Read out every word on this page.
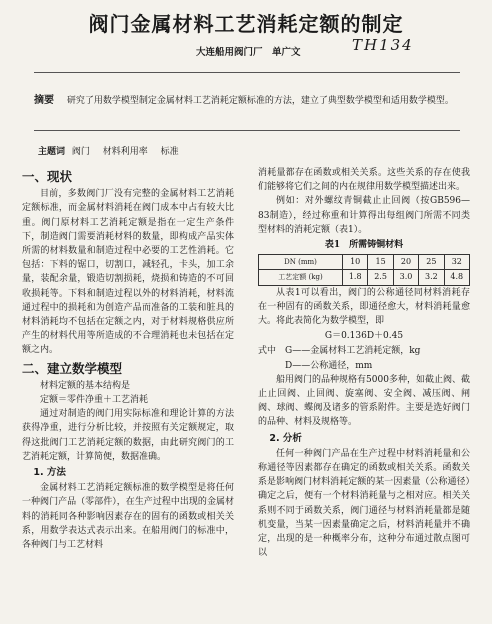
阀门金属材料工艺消耗定额的制定
大连船用阀门厂　单广文	TH134
摘要 研究了用数学模型制定金属材料工艺消耗定额标准的方法，建立了典型数学模型和适用数学模型。
主题词 阀门 材料利用率 标准
一、现状

目前，多数阀门厂没有完整的金属材料工艺消耗定额标准，而金属材料消耗在阀门成本中占有较大比重。阀门原材料工艺消耗定额是指在一定生产条件下，制造阀门需要消耗材料的数量，即构成产品实体所需的材料数量和制造过程中必要的工艺性消耗。它包括：下料的锯口，切割口，减轻孔，卡头，加工余量，装配余量，锻造切割损耗，烧损和铸造的不可回收损耗等。下料和制造过程以外的材料消耗，材料流通过程中的损耗和为创造产品而准备的工装和脏具的材料消耗均不包括在定额之内，对于材料规格供应所产生的材料代用等所造成的不合理消耗也未包括在定额之内。

二、建立数学模型

材料定额的基本结构是

定额＝零件净重＋工艺消耗

通过对制造的阀门用实际标准和理论计算的方法获得净重，进行分析比较，并按照有关定额规定，取得这批阀门工艺消耗定额的数据，由此研究阀门的工艺消耗定额，计算简便，数据准确。

1. 方法

金属材料工艺消耗定额标准的数学模型是将任何一种阀门产品（零部件），在生产过程中出现的金属材料的消耗同各种影响因素存在的固有的函数或相关关系，用数学表达式表示出来。在船用阀门的标准中，各种阀门与工艺材料

消耗量都存在函数或相关关系。这些关系的存在使我们能够将它们之间的内在规律用数学模型描述出来。

例如：对外螺纹青铜截止止回阀（按GB596—83制造），经过称重和计算得出每组阀门所需不同类型材料的消耗定额（表1）。

表1　所需铸铜材料
DN (mm)	10	15	20	25	32
工艺定额 (kg)	1.8	2.5	3.0	3.2	4.8

从表1可以看出，阀门的公称通径同材料消耗存在一种固有的函数关系，即通径愈大，材料消耗量愈大。将此表简化为数学模型，即

G＝0.136D＋0.45

式中　G——金属材料工艺消耗定额，kg

D——公称通径，mm

船用阀门的品种规格有5000多种，如截止阀、截止止回阀、止回阀、旋塞阀、安全阀、减压阀、闸阀、球阀、蝶阀及诸多的管系附件。主要是选好阀门的品种、材料及规格等。

2. 分析

任何一种阀门产品在生产过程中材料消耗量和公称通径等因素都存在确定的函数或相关关系。函数关系是影响阀门材料消耗定额的某一因素量（公称通径）确定之后，便有一个材料消耗量与之相对应。相关关系则不同于函数关系，阀门通径与材料消耗量都是随机变量，当某一因素量确定之后，材料消耗量并不确定，出现的是一种概率分布，这种分布通过散点图可以
